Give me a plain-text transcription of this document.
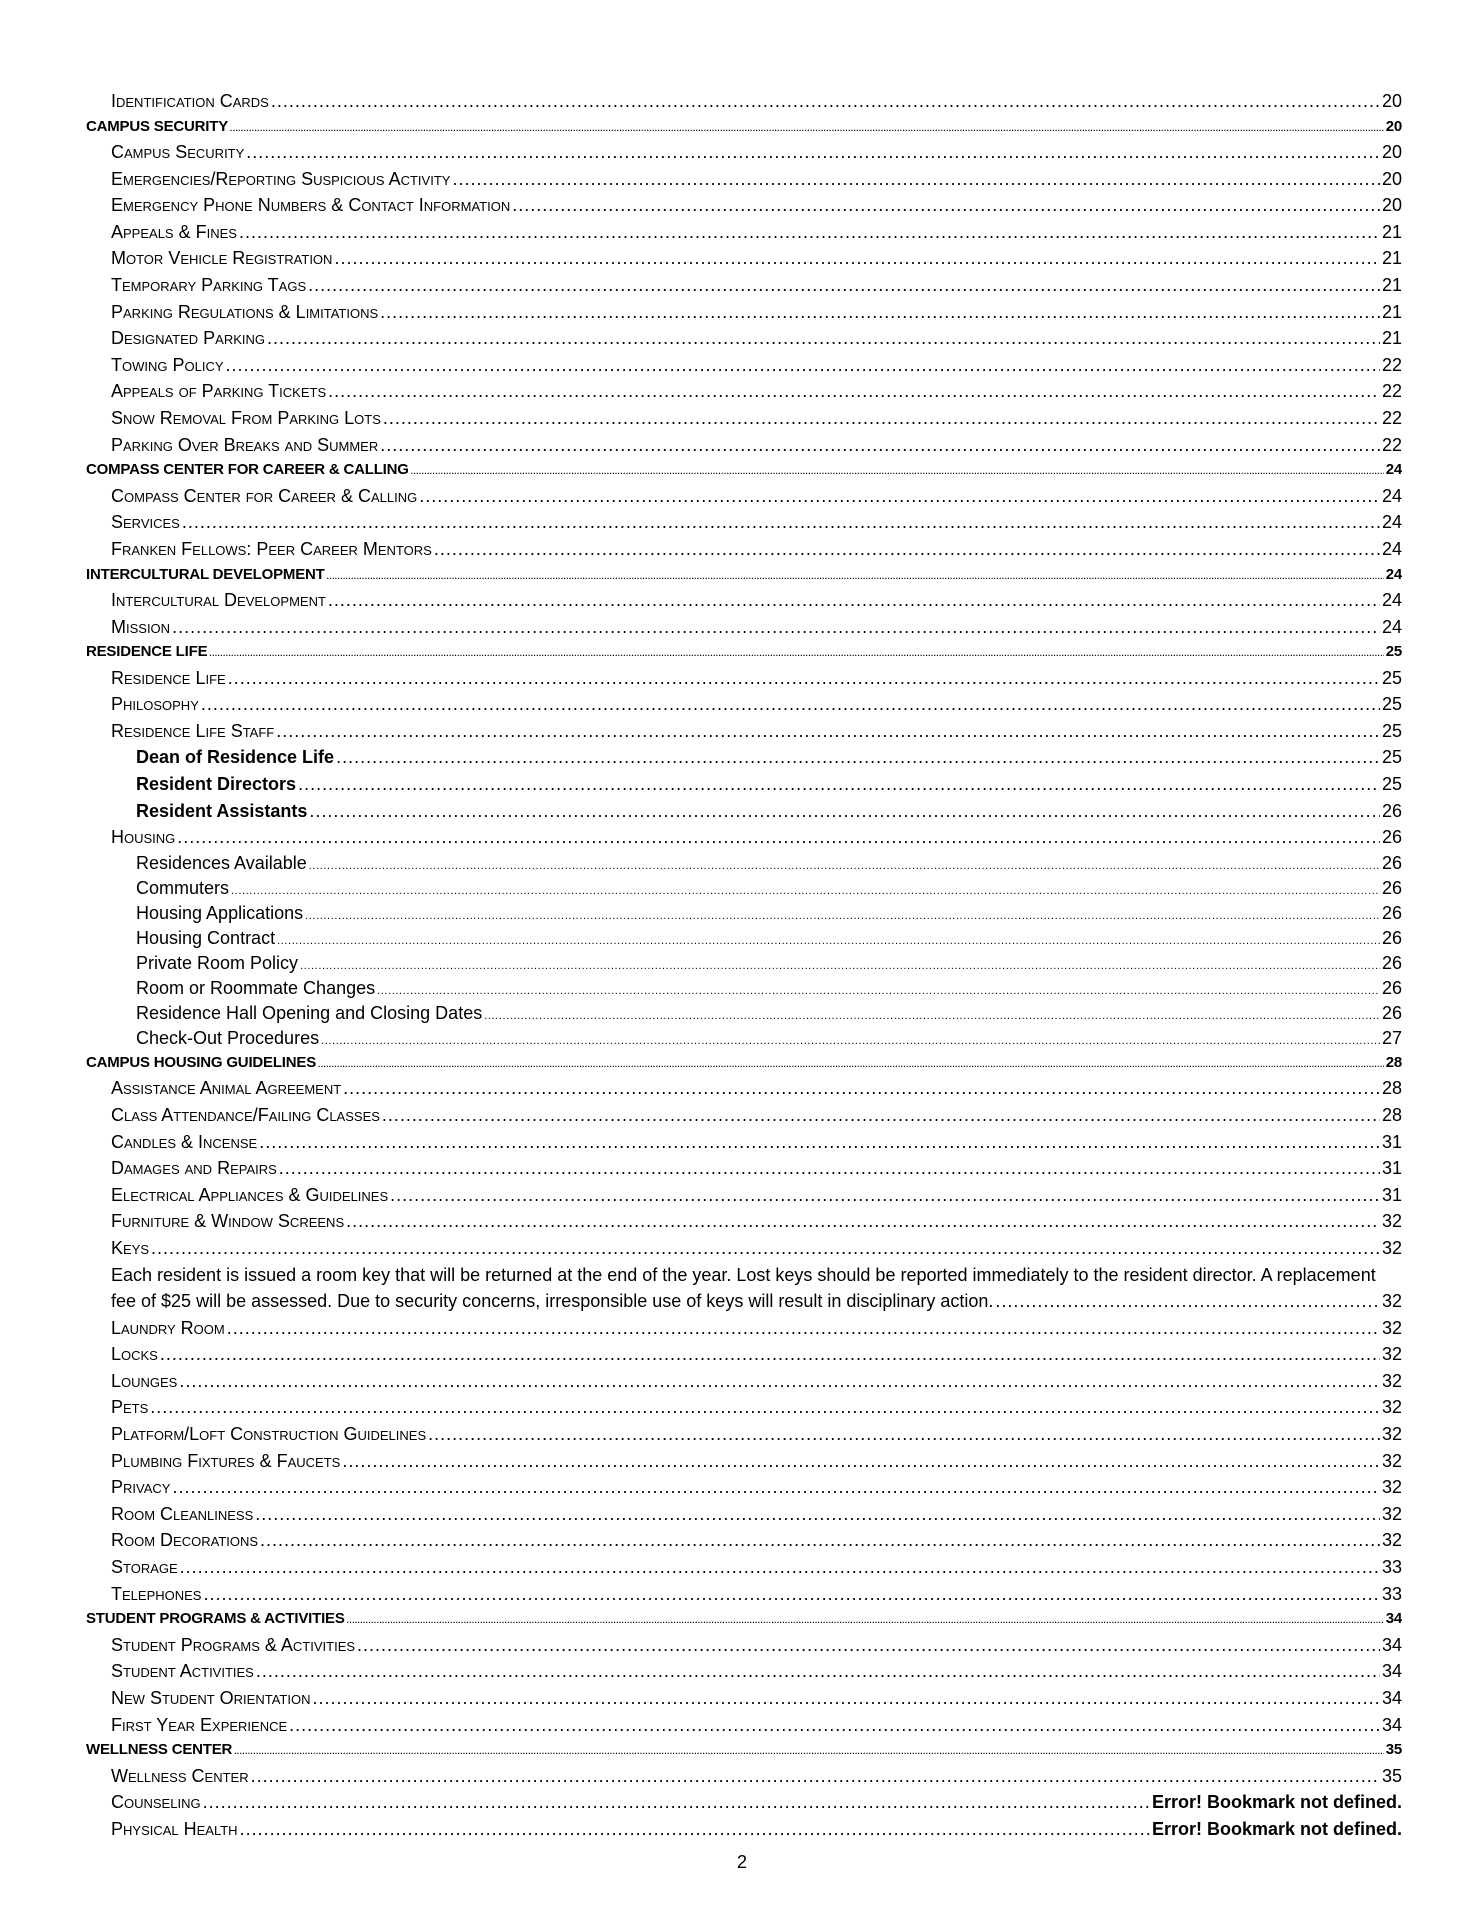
Identification Cards .....	20
CAMPUS SECURITY .....	20
Campus Security .....	20
Emergencies/Reporting Suspicious Activity .....	20
Emergency Phone Numbers & Contact Information .....	20
Appeals & Fines .....	21
Motor Vehicle Registration .....	21
Temporary Parking Tags .....	21
Parking Regulations & Limitations .....	21
Designated Parking .....	21
Towing Policy .....	22
Appeals of Parking Tickets .....	22
Snow Removal From Parking Lots .....	22
Parking Over Breaks and Summer .....	22
COMPASS CENTER FOR CAREER & CALLING .....	24
Compass Center for Career & Calling .....	24
Services .....	24
Franken Fellows: Peer Career Mentors .....	24
INTERCULTURAL DEVELOPMENT .....	24
Intercultural Development .....	24
Mission .....	24
RESIDENCE LIFE .....	25
Residence Life .....	25
Philosophy .....	25
Residence Life Staff .....	25
Dean of Residence Life .....	25
Resident Directors .....	25
Resident Assistants .....	26
Housing .....	26
Residences Available .....	26
Commuters .....	26
Housing Applications .....	26
Housing Contract .....	26
Private Room Policy .....	26
Room or Roommate Changes .....	26
Residence Hall Opening and Closing Dates .....	26
Check-Out Procedures .....	27
CAMPUS HOUSING GUIDELINES .....	28
Assistance Animal Agreement .....	28
Class Attendance/Failing Classes .....	28
Candles & Incense .....	31
Damages and Repairs .....	31
Electrical Appliances & Guidelines .....	31
Furniture & Window Screens .....	32
Keys .....	32
Each resident is issued a room key that will be returned at the end of the year. Lost keys should be reported immediately to the resident director. A replacement
fee of $25 will be assessed. Due to security concerns, irresponsible use of keys will result in disciplinary action. .....	32
Laundry Room .....	32
Locks .....	32
Lounges .....	32
Pets .....	32
Platform/Loft Construction Guidelines .....	32
Plumbing Fixtures & Faucets .....	32
Privacy .....	32
Room Cleanliness .....	32
Room Decorations .....	32
Storage .....	33
Telephones .....	33
STUDENT PROGRAMS & ACTIVITIES .....	34
Student Programs & Activities .....	34
Student Activities .....	34
New Student Orientation .....	34
First Year Experience .....	34
WELLNESS CENTER .....	35
Wellness Center .....	35
Counseling .....	Error! Bookmark not defined.
Physical Health .....	Error! Bookmark not defined.
2
